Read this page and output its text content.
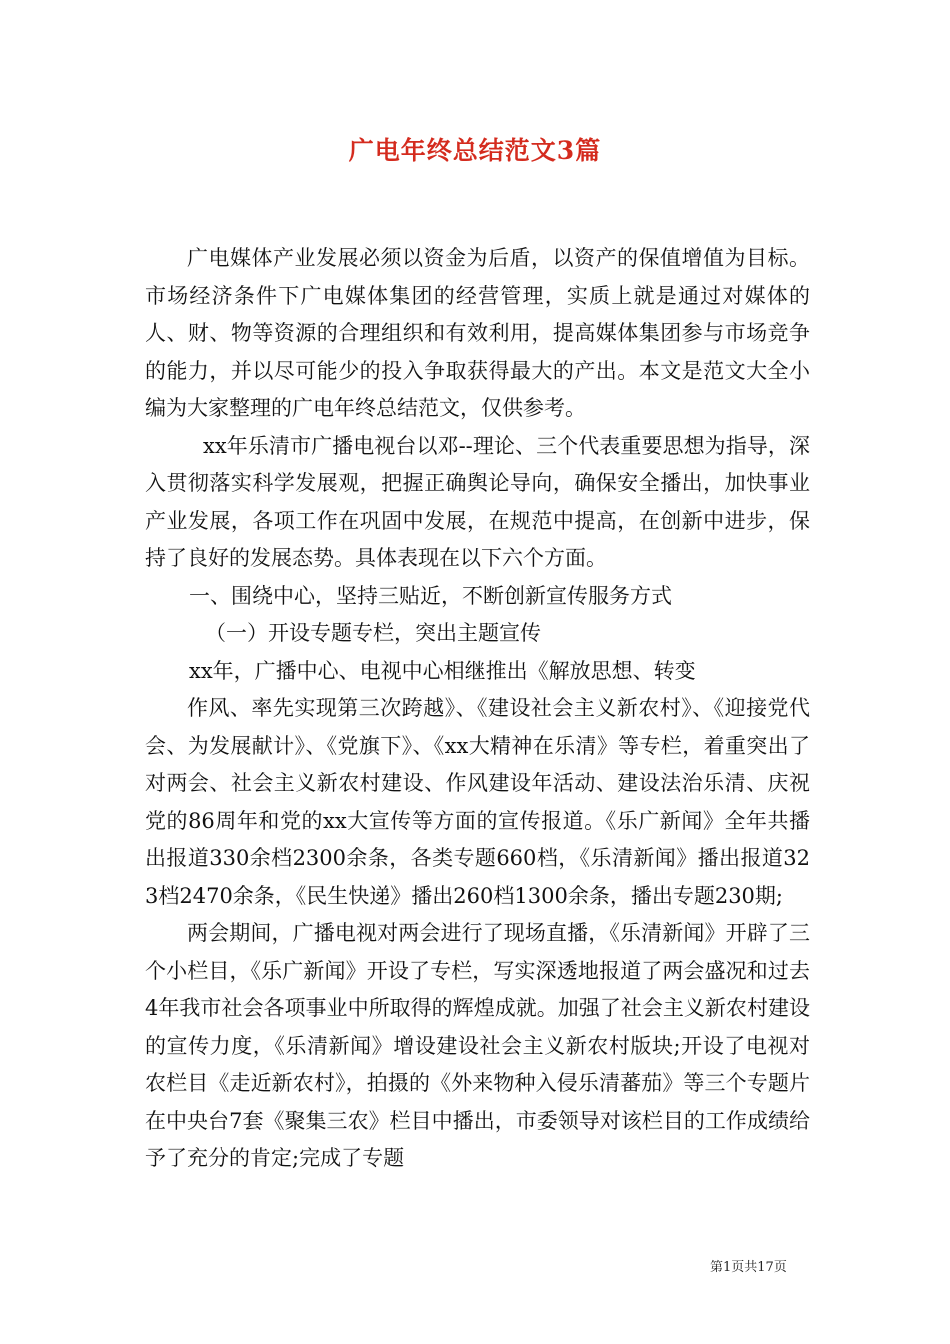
广电年终总结范文3篇

广电媒体产业发展必须以资金为后盾，以资产的保值增值为目标。市场经济条件下广电媒体集团的经营管理，实质上就是通过对媒体的人、财、物等资源的合理组织和有效利用，提高媒体集团参与市场竞争的能力，并以尽可能少的投入争取获得最大的产出。本文是范文大全小编为大家整理的广电年终总结范文，仅供参考。

xx年乐清市广播电视台以邓--理论、三个代表重要思想为指导，深入贯彻落实科学发展观，把握正确舆论导向，确保安全播出，加快事业产业发展，各项工作在巩固中发展，在规范中提高，在创新中进步，保持了良好的发展态势。具体表现在以下六个方面。

一、围绕中心，坚持三贴近，不断创新宣传服务方式

（一）开设专题专栏，突出主题宣传

xx年，广播中心、电视中心相继推出《解放思想、转变

作风、率先实现第三次跨越》、《建设社会主义新农村》、《迎接党代会、为发展献计》、《党旗下》、《xx大精神在乐清》等专栏，着重突出了对两会、社会主义新农村建设、作风建设年活动、建设法治乐清、庆祝党的86周年和党的xx大宣传等方面的宣传报道。《乐广新闻》全年共播出报道330余档2300余条，各类专题660档，《乐清新闻》播出报道323档2470余条，《民生快递》播出260档1300余条，播出专题230期;

两会期间，广播电视对两会进行了现场直播，《乐清新闻》开辟了三个小栏目，《乐广新闻》开设了专栏，写实深透地报道了两会盛况和过去4年我市社会各项事业中所取得的辉煌成就。加强了社会主义新农村建设的宣传力度，《乐清新闻》增设建设社会主义新农村版块;开设了电视对农栏目《走近新农村》，拍摄的《外来物种入侵乐清蕃茄》等三个专题片在中央台7套《聚集三农》栏目中播出，市委领导对该栏目的工作成绩给予了充分的肯定;完成了专题

第1页共17页
